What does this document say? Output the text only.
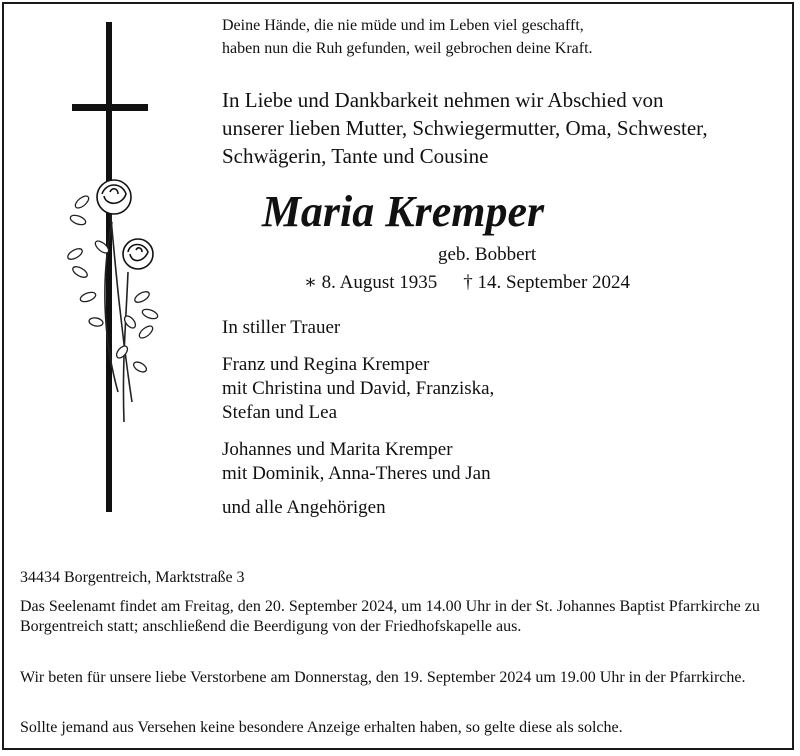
Deine Hände, die nie müde und im Leben viel geschafft,
haben nun die Ruh gefunden, weil gebrochen deine Kraft.
In Liebe und Dankbarkeit nehmen wir Abschied von
unserer lieben Mutter, Schwiegermutter, Oma, Schwester,
Schwägerin, Tante und Cousine
Maria Kremper
geb. Bobbert
∗ 8. August 1935 † 14. September 2024
In stiller Trauer
Franz und Regina Kremper
mit Christina und David, Franziska,
Stefan und Lea
Johannes und Marita Kremper
mit Dominik, Anna-Theres und Jan
und alle Angehörigen
34434 Borgentreich, Marktstraße 3
Das Seelenamt findet am Freitag, den 20. September 2024, um 14.00 Uhr in der St. Johannes Baptist Pfarrkirche zu Borgentreich statt; anschließend die Beerdigung von der Friedhofskapelle aus.
Wir beten für unsere liebe Verstorbene am Donnerstag, den 19. September 2024 um 19.00 Uhr in der Pfarrkirche.
Sollte jemand aus Versehen keine besondere Anzeige erhalten haben, so gelte diese als solche.
